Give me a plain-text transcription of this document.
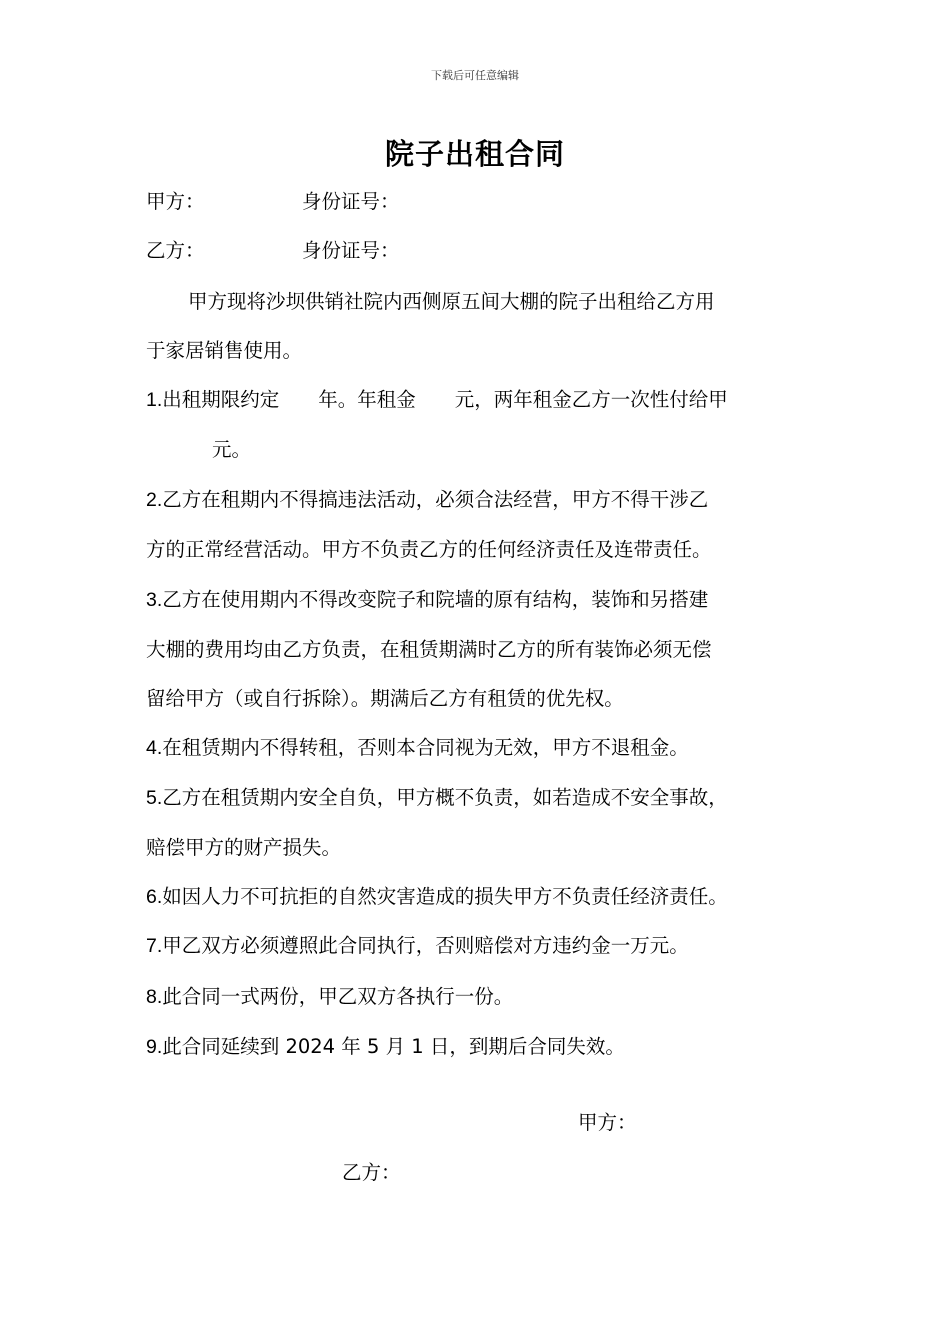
下载后可任意编辑
院子出租合同
甲方：	身份证号：
乙方：	身份证号：
甲方现将沙坝供销社院内西侧原五间大棚的院子出租给乙方用
于家居销售使用。
1.出租期限约定　　年。年租金　　元，两年租金乙方一次性付给甲
元。
2.乙方在租期内不得搞违法活动，必须合法经营，甲方不得干涉乙
方的正常经营活动。甲方不负责乙方的任何经济责任及连带责任。
3.乙方在使用期内不得改变院子和院墙的原有结构，装饰和另搭建
大棚的费用均由乙方负责，在租赁期满时乙方的所有装饰必须无偿
留给甲方（或自行拆除）。期满后乙方有租赁的优先权。
4.在租赁期内不得转租，否则本合同视为无效，甲方不退租金。
5.乙方在租赁期内安全自负，甲方概不负责，如若造成不安全事故，
赔偿甲方的财产损失。
6.如因人力不可抗拒的自然灾害造成的损失甲方不负责任经济责任。
7.甲乙双方必须遵照此合同执行，否则赔偿对方违约金一万元。
8.此合同一式两份，甲乙双方各执行一份。
9.此合同延续到 2024 年 5 月 1 日，到期后合同失效。
甲方：
乙方：
